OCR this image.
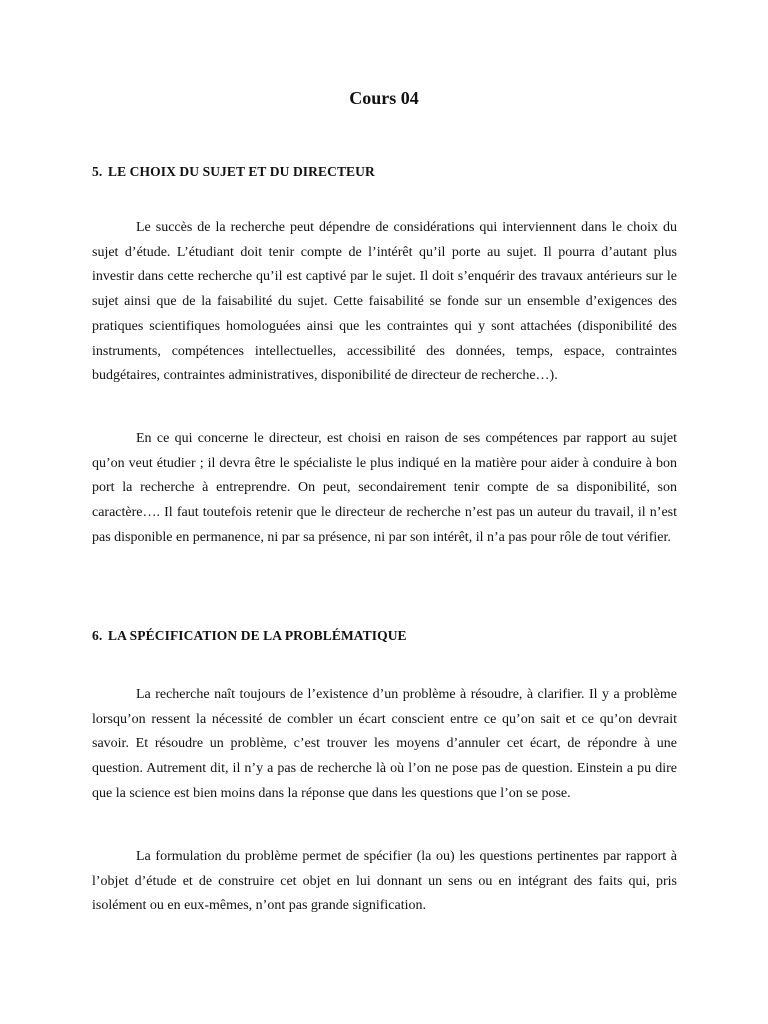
Cours 04
5. LE CHOIX DU SUJET ET DU DIRECTEUR

Le succès de la recherche peut dépendre de considérations qui interviennent dans le choix du sujet d’étude. L’étudiant doit tenir compte de l’intérêt qu’il porte au sujet. Il pourra d’autant plus investir dans cette recherche qu’il est captivé par le sujet. Il doit s’enquérir des travaux antérieurs sur le sujet ainsi que de la faisabilité du sujet. Cette faisabilité se fonde sur un ensemble d’exigences des pratiques scientifiques homologuées ainsi que les contraintes qui y sont attachées (disponibilité des instruments, compétences intellectuelles, accessibilité des données, temps, espace, contraintes budgétaires, contraintes administratives, disponibilité de directeur de recherche…).

En ce qui concerne le directeur, est choisi en raison de ses compétences par rapport au sujet qu’on veut étudier ; il devra être le spécialiste le plus indiqué en la matière pour aider à conduire à bon port la recherche à entreprendre. On peut, secondairement tenir compte de sa disponibilité, son caractère…. Il faut toutefois retenir que le directeur de recherche n’est pas un auteur du travail, il n’est pas disponible en permanence, ni par sa présence, ni par son intérêt, il n’a pas pour rôle de tout vérifier.

6. LA SPÉCIFICATION DE LA PROBLÉMATIQUE

La recherche naît toujours de l’existence d’un problème à résoudre, à clarifier. Il y a problème lorsqu’on ressent la nécessité de combler un écart conscient entre ce qu’on sait et ce qu’on devrait savoir. Et résoudre un problème, c’est trouver les moyens d’annuler cet écart, de répondre à une question. Autrement dit, il n’y a pas de recherche là où l’on ne pose pas de question. Einstein a pu dire que la science est bien moins dans la réponse que dans les questions que l’on se pose.

La formulation du problème permet de spécifier (la ou) les questions pertinentes par rapport à l’objet d’étude et de construire cet objet en lui donnant un sens ou en intégrant des faits qui, pris isolément ou en eux-mêmes, n’ont pas grande signification.
